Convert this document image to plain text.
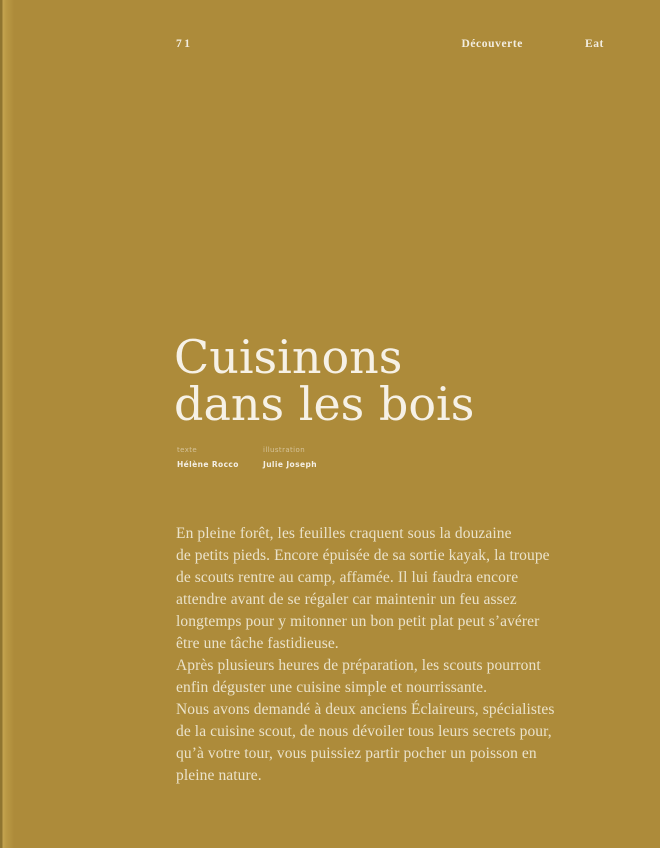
71	Découverte	Eat
Cuisinons
dans les bois
texte
Hélène Rocco
illustration
Julie Joseph
En pleine forêt, les feuilles craquent sous la douzaine
de petits pieds. Encore épuisée de sa sortie kayak, la troupe
de scouts rentre au camp, affamée. Il lui faudra encore
attendre avant de se régaler car maintenir un feu assez
longtemps pour y mitonner un bon petit plat peut s’avérer
être une tâche fastidieuse.
Après plusieurs heures de préparation, les scouts pourront
enfin déguster une cuisine simple et nourrissante.
Nous avons demandé à deux anciens Éclaireurs, spécialistes
de la cuisine scout, de nous dévoiler tous leurs secrets pour,
qu’à votre tour, vous puissiez partir pocher un poisson en
pleine nature.
